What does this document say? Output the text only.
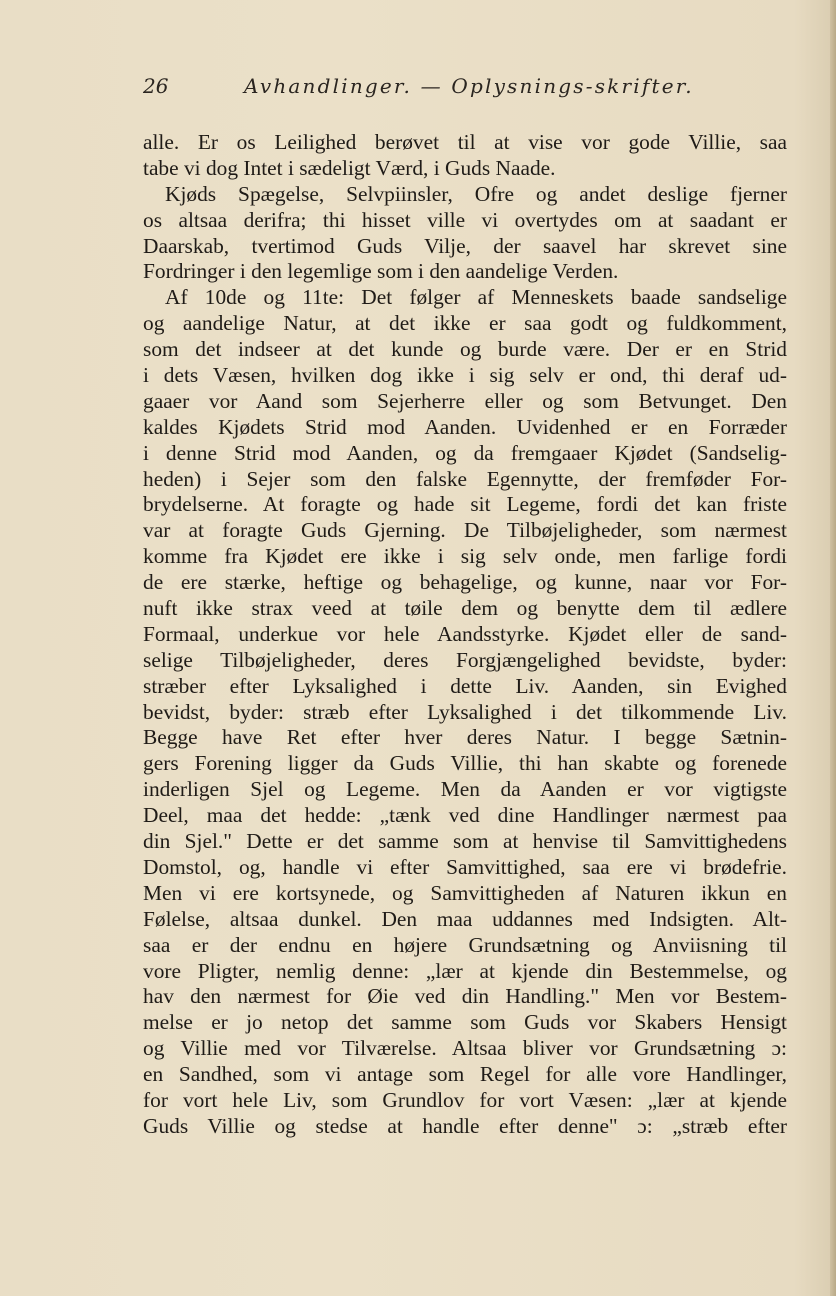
26	Avhandlinger. — Oplysnings-skrifter.
alle. Er os Leilighed berøvet til at vise vor gode Villie, saa
tabe vi dog Intet i sædeligt Værd, i Guds Naade.
Kjøds Spægelse, Selvpiinsler, Ofre og andet deslige fjerner
os altsaa derifra; thi hisset ville vi overtydes om at saadant er
Daarskab, tvertimod Guds Vilje, der saavel har skrevet sine
Fordringer i den legemlige som i den aandelige Verden.
Af 10de og 11te: Det følger af Menneskets baade sandselige
og aandelige Natur, at det ikke er saa godt og fuldkomment,
som det indseer at det kunde og burde være. Der er en Strid
i dets Væsen, hvilken dog ikke i sig selv er ond, thi deraf ud-
gaaer vor Aand som Sejerherre eller og som Betvunget. Den
kaldes Kjødets Strid mod Aanden. Uvidenhed er en Forræder
i denne Strid mod Aanden, og da fremgaaer Kjødet (Sandselig-
heden) i Sejer som den falske Egennytte, der fremføder For-
brydelserne. At foragte og hade sit Legeme, fordi det kan friste
var at foragte Guds Gjerning. De Tilbøjeligheder, som nærmest
komme fra Kjødet ere ikke i sig selv onde, men farlige fordi
de ere stærke, heftige og behagelige, og kunne, naar vor For-
nuft ikke strax veed at tøile dem og benytte dem til ædlere
Formaal, underkue vor hele Aandsstyrke. Kjødet eller de sand-
selige Tilbøjeligheder, deres Forgjængelighed bevidste, byder:
stræber efter Lyksalighed i dette Liv. Aanden, sin Evighed
bevidst, byder: stræb efter Lyksalighed i det tilkommende Liv.
Begge have Ret efter hver deres Natur. I begge Sætnin-
gers Forening ligger da Guds Villie, thi han skabte og forenede
inderligen Sjel og Legeme. Men da Aanden er vor vigtigste
Deel, maa det hedde: „tænk ved dine Handlinger nærmest paa
din Sjel." Dette er det samme som at henvise til Samvittighedens
Domstol, og, handle vi efter Samvittighed, saa ere vi brødefrie.
Men vi ere kortsynede, og Samvittigheden af Naturen ikkun en
Følelse, altsaa dunkel. Den maa uddannes med Indsigten. Alt-
saa er der endnu en højere Grundsætning og Anviisning til
vore Pligter, nemlig denne: „lær at kjende din Bestemmelse, og
hav den nærmest for Øie ved din Handling." Men vor Bestem-
melse er jo netop det samme som Guds vor Skabers Hensigt
og Villie med vor Tilværelse. Altsaa bliver vor Grundsætning ɔ:
en Sandhed, som vi antage som Regel for alle vore Handlinger,
for vort hele Liv, som Grundlov for vort Væsen: „lær at kjende
Guds Villie og stedse at handle efter denne" ɔ: „stræb efter
